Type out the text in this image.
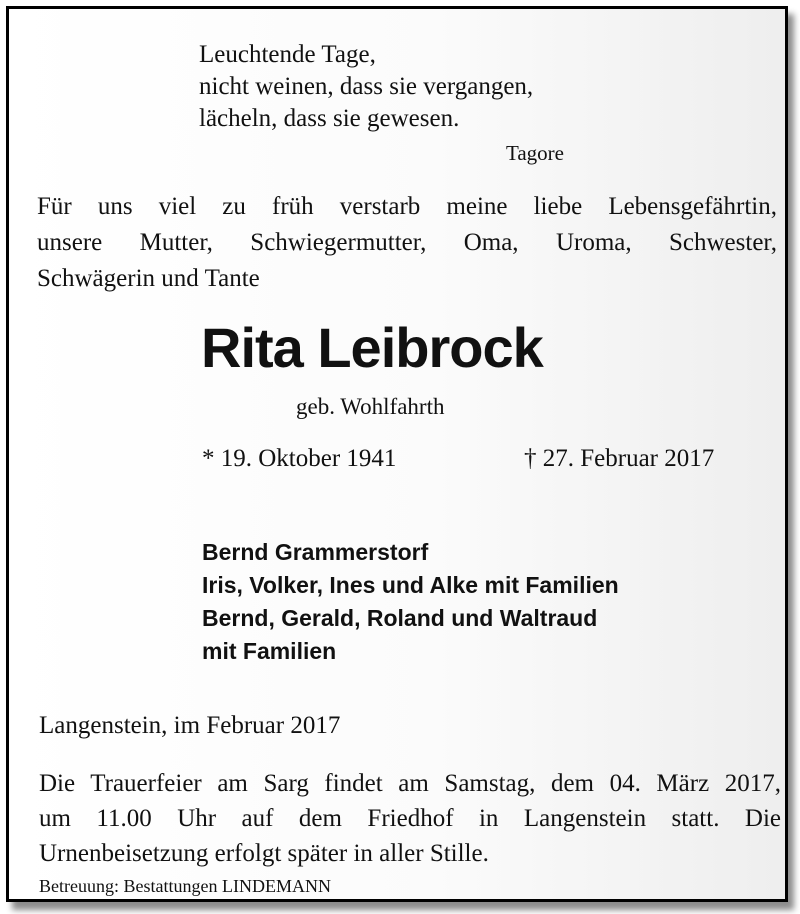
Leuchtende Tage,
nicht weinen, dass sie vergangen,
lächeln, dass sie gewesen.
Tagore
Für uns viel zu früh verstarb meine liebe Lebensgefährtin,
unsere Mutter, Schwiegermutter, Oma, Uroma, Schwester,
Schwägerin und Tante
Rita Leibrock
geb. Wohlfahrth
* 19. Oktober 1941	† 27. Februar 2017
Bernd Grammerstorf
Iris, Volker, Ines und Alke mit Familien
Bernd, Gerald, Roland und Waltraud
mit Familien
Langenstein, im Februar 2017
Die Trauerfeier am Sarg findet am Samstag, dem 04. März 2017,
um 11.00 Uhr auf dem Friedhof in Langenstein statt. Die
Urnenbeisetzung erfolgt später in aller Stille.
Betreuung: Bestattungen LINDEMANN
